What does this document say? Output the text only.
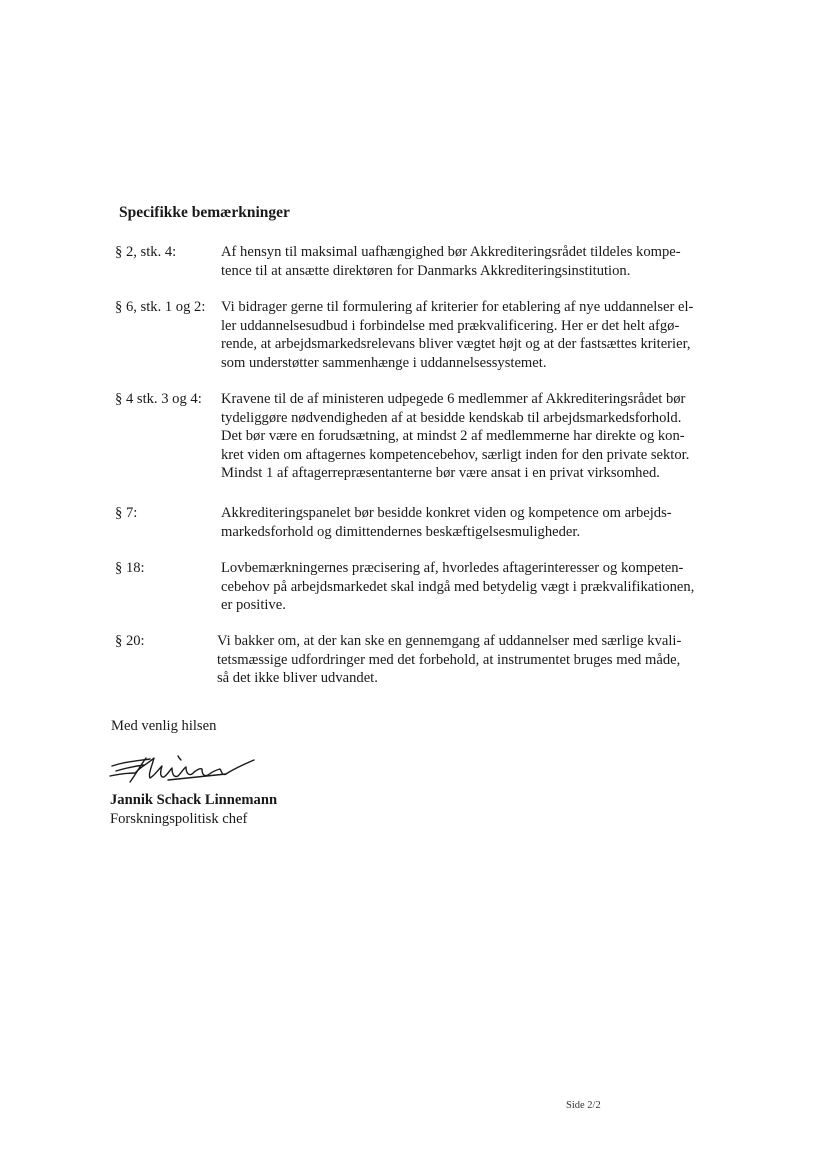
Specifikke bemærkninger
§ 2, stk. 4:	Af hensyn til maksimal uafhængighed bør Akkrediteringsrådet tildeles kompe-
tence til at ansætte direktøren for Danmarks Akkrediteringsinstitution.
§ 6, stk. 1 og 2: Vi bidrager gerne til formulering af kriterier for etablering af nye uddannelser el-
ler uddannelsesudbud i forbindelse med prækvalificering. Her er det helt afgø-
rende, at arbejdsmarkedsrelevans bliver vægtet højt og at der fastsættes kriterier,
som understøtter sammenhænge i uddannelsessystemet.
§ 4 stk. 3 og 4: Kravene til de af ministeren udpegede 6 medlemmer af Akkrediteringsrådet bør
tydeliggøre nødvendigheden af at besidde kendskab til arbejdsmarkedsforhold.
Det bør være en forudsætning, at mindst 2 af medlemmerne har direkte og kon-
kret viden om aftagernes kompetencebehov, særligt inden for den private sektor.
Mindst 1 af aftagerrepræsentanterne bør være ansat i en privat virksomhed.
§ 7:	Akkrediteringspanelet bør besidde konkret viden og kompetence om arbejds-
markedsforhold og dimittendernes beskæftigelsesmuligheder.
§ 18:	Lovbemærkningernes præcisering af, hvorledes aftagerinteresser og kompeten-
cebehov på arbejdsmarkedet skal indgå med betydelig vægt i prækvalifikationen,
er positive.
§ 20:	Vi bakker om, at der kan ske en gennemgang af uddannelser med særlige kvali-
tetsmæssige udfordringer med det forbehold, at instrumentet bruges med måde,
så det ikke bliver udvandet.
Med venlig hilsen
Jannik Schack Linnemann
Forskningspolitisk chef
Side 2/2
